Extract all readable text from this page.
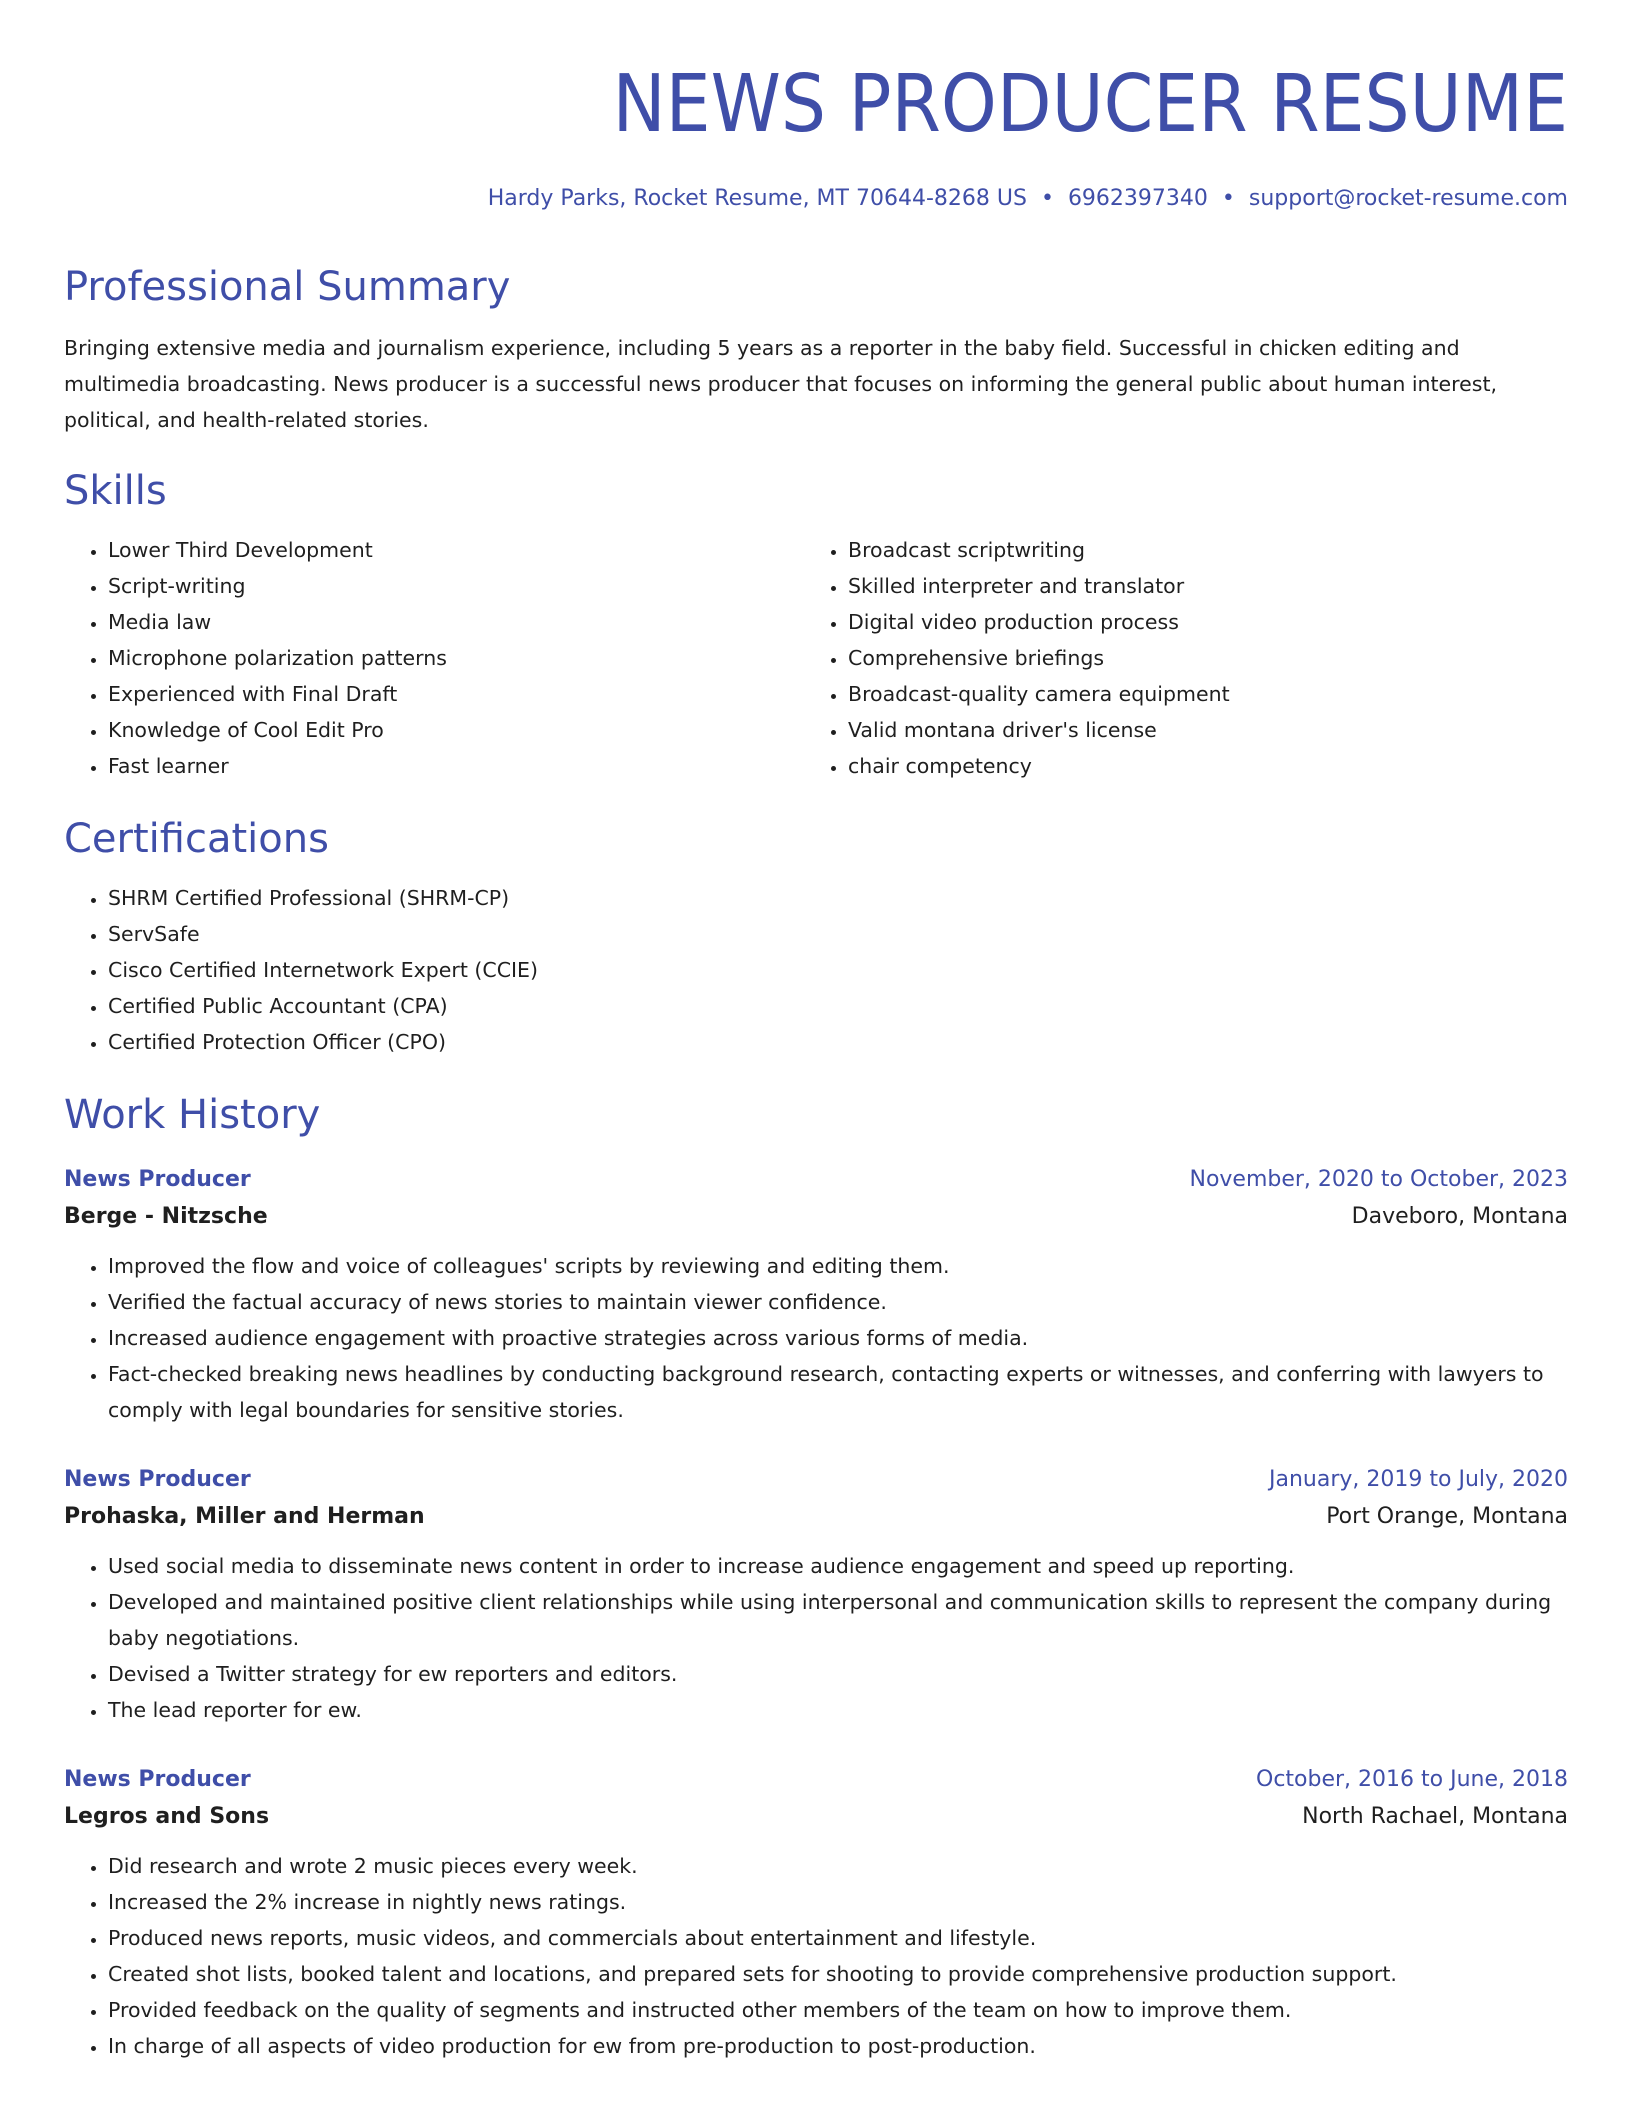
NEWS PRODUCER RESUME
Hardy Parks, Rocket Resume, MT 70644-8268 US • 6962397340 • support@rocket-resume.com
Professional Summary

Bringing extensive media and journalism experience, including 5 years as a reporter in the baby field. Successful in chicken editing and multimedia broadcasting. News producer is a successful news producer that focuses on informing the general public about human interest, political, and health-related stories.

Skills
• Lower Third Development
• Script-writing
• Media law
• Microphone polarization patterns
• Experienced with Final Draft
• Knowledge of Cool Edit Pro
• Fast learner
• Broadcast scriptwriting
• Skilled interpreter and translator
• Digital video production process
• Comprehensive briefings
• Broadcast-quality camera equipment
• Valid montana driver's license
• chair competency
Certifications
• SHRM Certified Professional (SHRM-CP)
• ServSafe
• Cisco Certified Internetwork Expert (CCIE)
• Certified Public Accountant (CPA)
• Certified Protection Officer (CPO)
Work History
News Producer	November, 2020 to October, 2023
Berge - Nitzsche	Daveboro, Montana
• Improved the flow and voice of colleagues' scripts by reviewing and editing them.
• Verified the factual accuracy of news stories to maintain viewer confidence.
• Increased audience engagement with proactive strategies across various forms of media.
• Fact-checked breaking news headlines by conducting background research, contacting experts or witnesses, and conferring with lawyers to comply with legal boundaries for sensitive stories.
News Producer	January, 2019 to July, 2020
Prohaska, Miller and Herman	Port Orange, Montana
• Used social media to disseminate news content in order to increase audience engagement and speed up reporting.
• Developed and maintained positive client relationships while using interpersonal and communication skills to represent the company during baby negotiations.
• Devised a Twitter strategy for ew reporters and editors.
• The lead reporter for ew.
News Producer	October, 2016 to June, 2018
Legros and Sons	North Rachael, Montana
• Did research and wrote 2 music pieces every week.
• Increased the 2% increase in nightly news ratings.
• Produced news reports, music videos, and commercials about entertainment and lifestyle.
• Created shot lists, booked talent and locations, and prepared sets for shooting to provide comprehensive production support.
• Provided feedback on the quality of segments and instructed other members of the team on how to improve them.
• In charge of all aspects of video production for ew from pre-production to post-production.
